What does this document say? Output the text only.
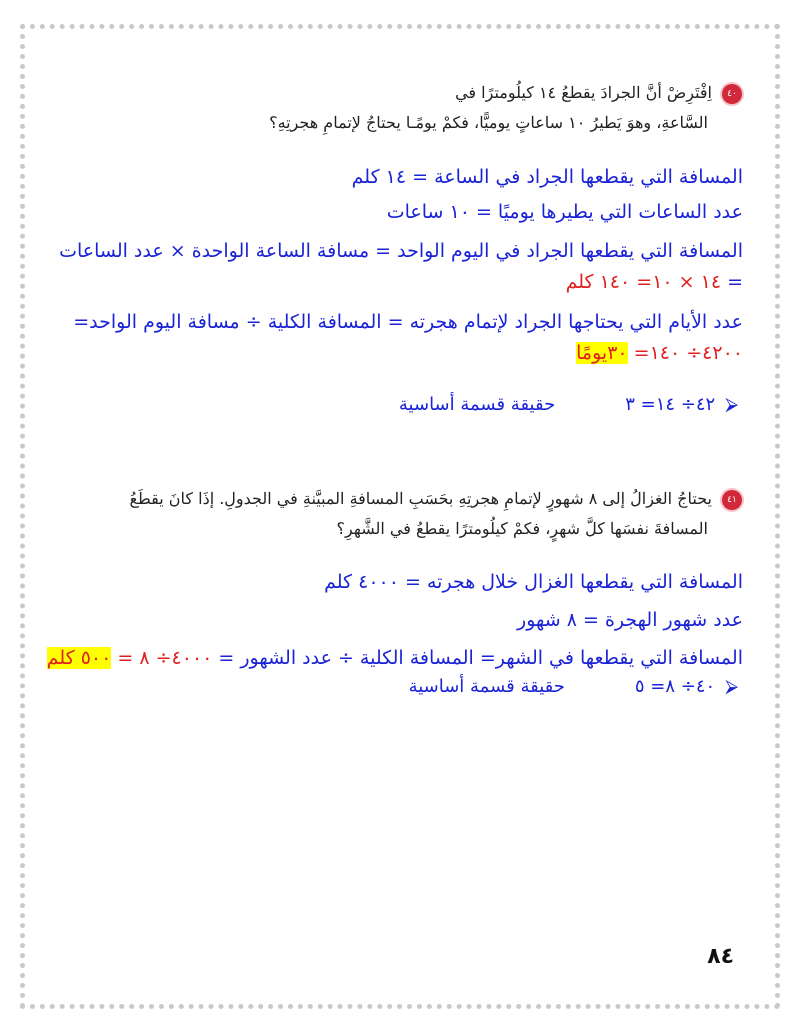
٤٠اِفْتَرِضْ أنَّ الجرادَ يقطعُ ١٤ كيلُومترًا في
السَّاعةِ، وهوَ يَطيرُ ١٠ ساعاتٍ يوميًّا، فكمْ يومًـا يحتاجُ لإتمامِ هجرتِهِ؟
المسافة التي يقطعها الجراد في الساعة = ١٤ كلم
عدد الساعات التي يطيرها يوميًا = ١٠ ساعات
المسافة التي يقطعها الجراد في اليوم الواحد = مسافة الساعة الواحدة × عدد الساعات
= ١٤ × ١٠= ١٤٠ كلم
عدد الأيام التي يحتاجها الجراد لإتمام هجرته = المسافة الكلية ÷ مسافة اليوم الواحد=
٤٢٠٠÷ ١٤٠= ٣٠يومًا
⮚٤٢÷ ١٤= ٣حقيقة قسمة أساسية
٤١يحتاجُ الغزالُ إلى ٨ شهورٍ لإتمامِ هجرتِهِ بحَسَبِ المسافةِ المبيَّنةِ في الجدولِ. إذَا كانَ يقطَعُ
المسافةَ نفسَها كلَّ شهرٍ، فكمْ كيلُومترًا يقطعُ في الشَّهرِ؟
المسافة التي يقطعها الغزال خلال هجرته = ٤٠٠٠ كلم
عدد شهور الهجرة = ٨ شهور
المسافة التي يقطعها في الشهر= المسافة الكلية ÷ عدد الشهور = ٤٠٠٠÷ ٨ = ٥٠٠ كلم
⮚٤٠÷ ٨= ٥حقيقة قسمة أساسية
٨٤
